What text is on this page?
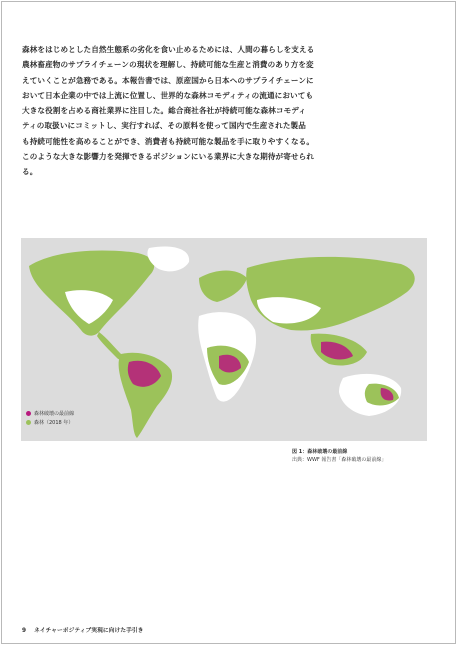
森林をはじめとした自然生態系の劣化を食い止めるためには、人間の暮らしを支える
農林畜産物のサプライチェーンの現状を理解し、持続可能な生産と消費のあり方を変
えていくことが急務である。本報告書では、原産国から日本へのサプライチェーンに
おいて日本企業の中では上流に位置し、世界的な森林コモディティの流通においても
大きな役割を占める商社業界に注目した。総合商社各社が持続可能な森林コモディ
ティの取扱いにコミットし、実行すれば、その原料を使って国内で生産された製品
も持続可能性を高めることができ、消費者も持続可能な製品を手に取りやすくなる。
このような大きな影響力を発揮できるポジションにいる業界に大きな期待が寄せられ
る。
森林破壊の最前線
森林（2018 年）
図 1：森林破壊の最前線
出典：WWF 報告書「森林破壊の最前線」
9 ネイチャーポジティブ実現に向けた手引き
